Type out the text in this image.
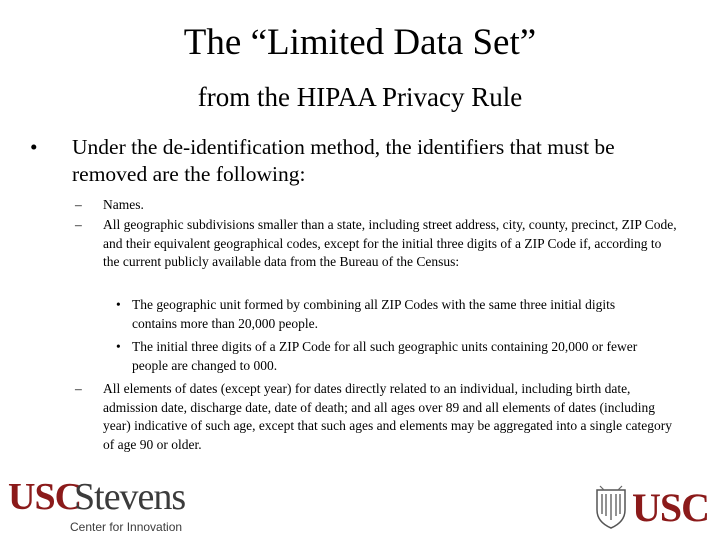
The “Limited Data Set”
from the HIPAA Privacy Rule
•	Under the de-identification method, the identifiers that must be removed are the following:
– Names.
– All geographic subdivisions smaller than a state, including street address, city, county, precinct, ZIP Code, and their equivalent geographical codes, except for the initial three digits of a ZIP Code if, according to the current publicly available data from the Bureau of the Census:
• The geographic unit formed by combining all ZIP Codes with the same three initial digits contains more than 20,000 people.
• The initial three digits of a ZIP Code for all such geographic units containing 20,000 or fewer people are changed to 000.
– All elements of dates (except year) for dates directly related to an individual, including birth date, admission date, discharge date, date of death; and all ages over 89 and all elements of dates (including year) indicative of such age, except that such ages and elements may be aggregated into a single category of age 90 or older.
USC
Stevens
Center for Innovation	USC
